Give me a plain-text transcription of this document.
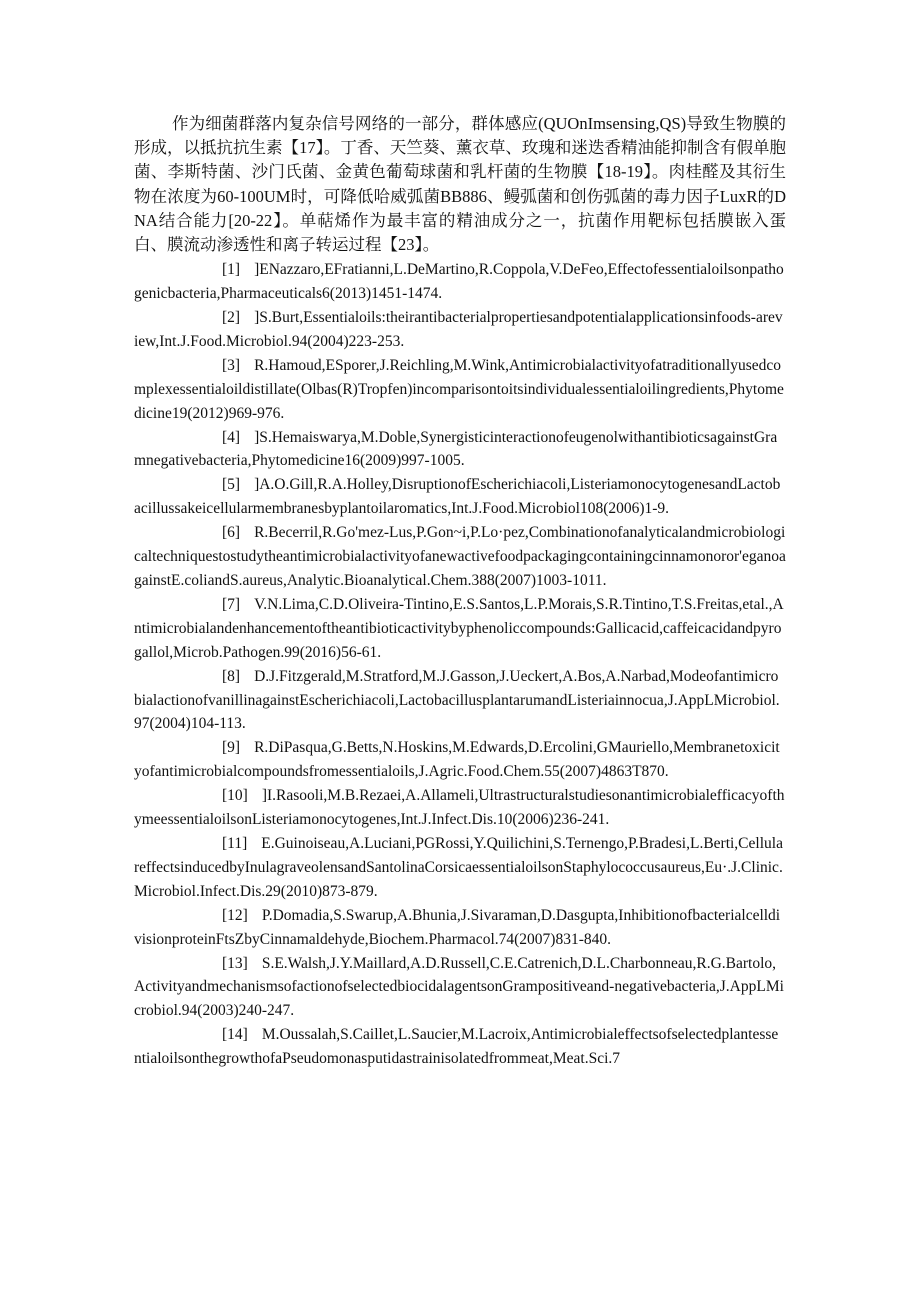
作为细菌群落内复杂信号网络的一部分，群体感应(QUOnImsensing,QS)导致生物膜的形成，以抵抗抗生素【17】。丁香、天竺葵、薰衣草、玫瑰和迷迭香精油能抑制含有假单胞菌、李斯特菌、沙门氏菌、金黄色葡萄球菌和乳杆菌的生物膜【18-19】。肉桂醛及其衍生物在浓度为60-100UM时，可降低哈威弧菌BB886、鳗弧菌和创伤弧菌的毒力因子LuxR的DNA结合能力[20-22】。单萜烯作为最丰富的精油成分之一，抗菌作用靶标包括膜嵌入蛋白、膜流动渗透性和离子转运过程【23】。

[1] ]ENazzaro,EFratianni,L.DeMartino,R.Coppola,V.DeFeo,Effectofessentialoilsonpathogenicbacteria,Pharmaceuticals6(2013)1451-1474.

[2] ]S.Burt,Essentialoils:theirantibacterialpropertiesandpotentialapplicationsinfoods-areview,Int.J.Food.Microbiol.94(2004)223-253.

[3] R.Hamoud,ESporer,J.Reichling,M.Wink,Antimicrobialactivityofatraditionallyusedcomplexessentialoildistillate(Olbas(R)Tropfen)incomparisontoitsindividualessentialoilingredients,Phytomedicine19(2012)969-976.

[4] ]S.Hemaiswarya,M.Doble,SynergisticinteractionofeugenolwithantibioticsagainstGramnegativebacteria,Phytomedicine16(2009)997-1005.

[5] ]A.O.Gill,R.A.Holley,DisruptionofEscherichiacoli,ListeriamonocytogenesandLactobacillussakeicellularmembranesbyplantoilaromatics,Int.J.Food.Microbiol108(2006)1-9.

[6] R.Becerril,R.Go'mez-Lus,P.Gon~i,P.Lo·pez,Combinationofanalyticalandmicrobiologicaltechniquestostudytheantimicrobialactivityofanewactivefoodpackagingcontainingcinnamonoror'eganoagainstE.coliandS.aureus,Analytic.Bioanalytical.Chem.388(2007)1003-1011.

[7] V.N.Lima,C.D.Oliveira-Tintino,E.S.Santos,L.P.Morais,S.R.Tintino,T.S.Freitas,etal.,Antimicrobialandenhancementoftheantibioticactivitybyphenoliccompounds:Gallicacid,caffeicacidandpyrogallol,Microb.Pathogen.99(2016)56-61.

[8] D.J.Fitzgerald,M.Stratford,M.J.Gasson,J.Ueckert,A.Bos,A.Narbad,ModeofantimicrobialactionofvanillinagainstEscherichiacoli,LactobacillusplantarumandListeriainnocua,J.AppLMicrobiol.97(2004)104-113.

[9] R.DiPasqua,G.Betts,N.Hoskins,M.Edwards,D.Ercolini,GMauriello,Membranetoxicityofantimicrobialcompoundsfromessentialoils,J.Agric.Food.Chem.55(2007)4863T870.

[10] ]I.Rasooli,M.B.Rezaei,A.Allameli,UltrastructuralstudiesonantimicrobialefficacyofthymeessentialoilsonListeriamonocytogenes,Int.J.Infect.Dis.10(2006)236-241.

[11] E.Guinoiseau,A.Luciani,PGRossi,Y.Quilichini,S.Ternengo,P.Bradesi,L.Berti,CellulareffectsinducedbyInulagraveolensandSantolinaCorsicaessentialoilsonStaphylococcusaureus,Eu·.J.Clinic.Microbiol.Infect.Dis.29(2010)873-879.

[12] P.Domadia,S.Swarup,A.Bhunia,J.Sivaraman,D.Dasgupta,InhibitionofbacterialcelldivisionproteinFtsZbyCinnamaldehyde,Biochem.Pharmacol.74(2007)831-840.

[13] S.E.Walsh,J.Y.Maillard,A.D.Russell,C.E.Catrenich,D.L.Charbonneau,R.G.Bartolo,ActivityandmechanismsofactionofselectedbiocidalagentsonGrampositiveand-negativebacteria,J.AppLMicrobiol.94(2003)240-247.

[14] M.Oussalah,S.Caillet,L.Saucier,M.Lacroix,AntimicrobialeffectsofselectedplantessentialoilsonthegrowthofaPseudomonasputidastrainisolatedfrommeat,Meat.Sci.7
